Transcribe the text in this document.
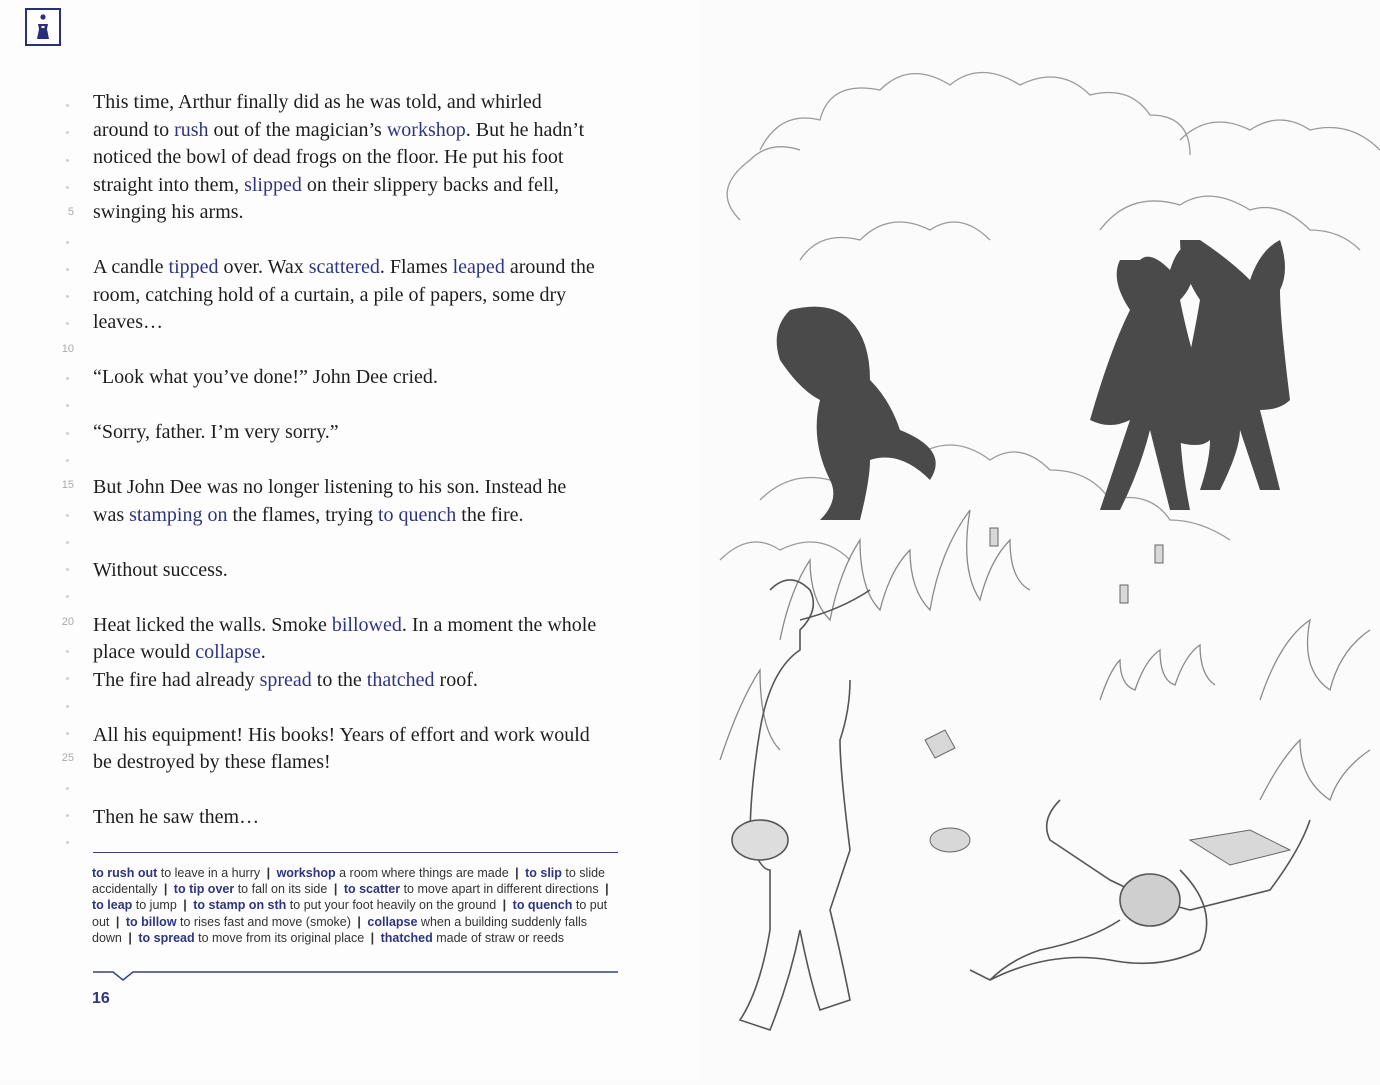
This time, Arthur finally did as he was told, and whirled
around to rush out of the magician’s workshop. But he hadn’t
noticed the bowl of dead frogs on the floor. He put his foot
straight into them, slipped on their slippery backs and fell,
swinging his arms.
A candle tipped over. Wax scattered. Flames leaped around the
room, catching hold of a curtain, a pile of papers, some dry
leaves…
“Look what you’ve done!” John Dee cried.
“Sorry, father. I’m very sorry.”
But John Dee was no longer listening to his son. Instead he
was stamping on the flames, trying to quench the fire.
Without success.
Heat licked the walls. Smoke billowed. In a moment the whole
place would collapse.
The fire had already spread to the thatched roof.
All his equipment! His books! Years of effort and work would
be destroyed by these flames!
Then he saw them…
5
10
15
20
25
to rush out to leave in a hurry | workshop a room where things are made | to slip to slide accidentally | to tip over to fall on its side | to scatter to move apart in different directions | to leap to jump | to stamp on sth to put your foot heavily on the ground | to quench to put out | to billow to rises fast and move (smoke) | collapse when a building suddenly falls down | to spread to move from its original place | thatched made of straw or reeds
16
